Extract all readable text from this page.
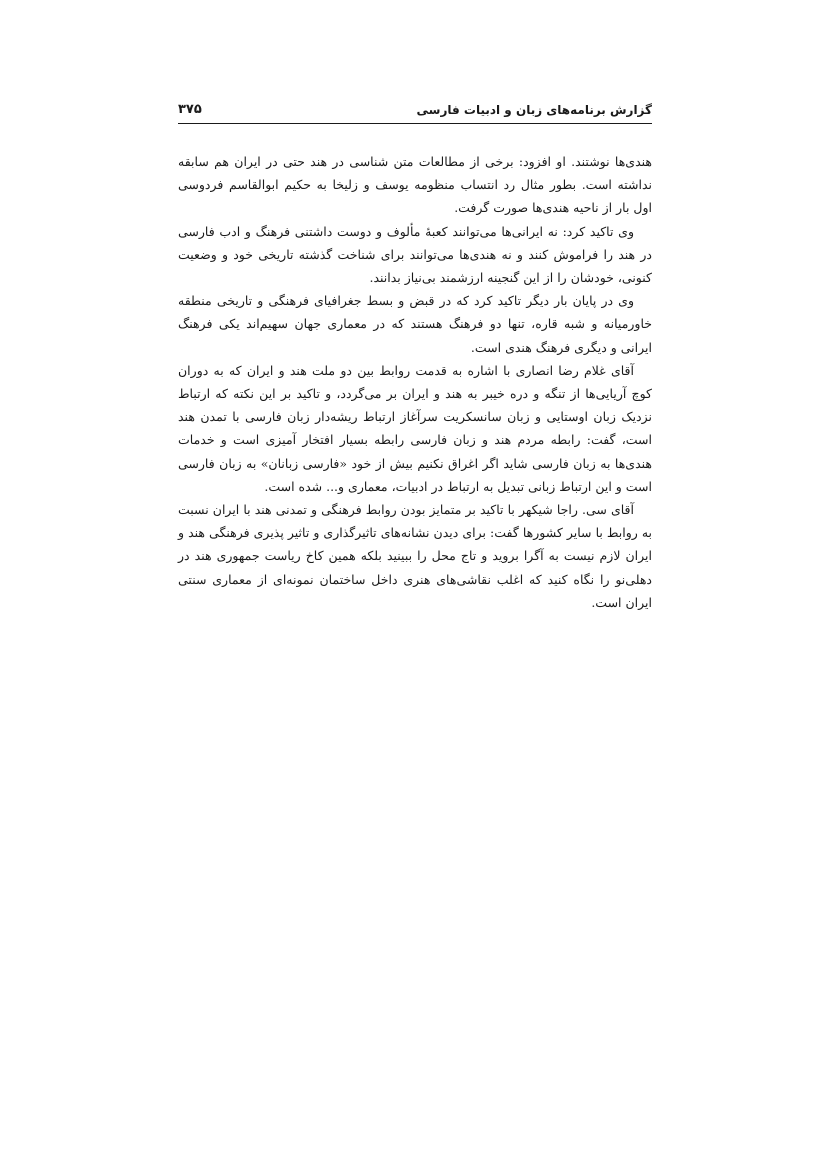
گزارش برنامه‌های زبان و ادبیات فارسی
۳۷۵

هندی‌ها نوشتند. او افزود: برخی از مطالعات متن شناسی در هند حتی در ایران هم سابقه نداشته است. بطور مثال رد انتساب منظومه یوسف و زلیخا به حکیم ابوالقاسم فردوسی اول بار از ناحیه هندی‌ها صورت گرفت.

وی تاکید کرد: نه ایرانی‌ها می‌توانند کعبهٔ مألوف و دوست داشتنی فرهنگ و ادب فارسی در هند را فراموش کنند و نه هندی‌ها می‌توانند برای شناخت گذشته تاریخی خود و وضعیت کنونی، خودشان را از این گنجینه ارزشمند بی‌نیاز بدانند.

وی در پایان بار دیگر تاکید کرد که در قبض و بسط جغرافیای فرهنگی و تاریخی منطقه خاورمیانه و شبه قاره، تنها دو فرهنگ هستند که در معماری جهان سهیم‌اند یکی فرهنگ ایرانی و دیگری فرهنگ هندی است.

آقای غلام رضا انصاری با اشاره به قدمت روابط بین دو ملت هند و ایران که به دوران کوچ آریایی‌ها از تنگه و دره خیبر به هند و ایران بر می‌گردد، و تاکید بر این نکته که ارتباط نزدیک زبان اوستایی و زبان سانسکریت سرآغاز ارتباط ریشه‌دار زبان فارسی با تمدن هند است، گفت: رابطه مردم هند و زبان فارسی رابطه بسیار افتخار آمیزی است و خدمات هندی‌ها به زبان فارسی شاید اگر اغراق نکنیم بیش از خود «فارسی زبانان» به زبان فارسی است و این ارتباط زبانی تبدیل به ارتباط در ادبیات، معماری و... شده است.

آقای سی. راجا شیکهر با تاکید بر متمایز بودن روابط فرهنگی و تمدنی هند با ایران نسبت به روابط با سایر کشورها گفت: برای دیدن نشانه‌های تاثیرگذاری و تاثیر پذیری فرهنگی هند و ایران لازم نیست به آگرا بروید و تاج محل را ببینید بلکه همین کاخ ریاست جمهوری هند در دهلی‌نو را نگاه کنید که اغلب نقاشی‌های هنری داخل ساختمان نمونه‌ای از معماری سنتی ایران است.
